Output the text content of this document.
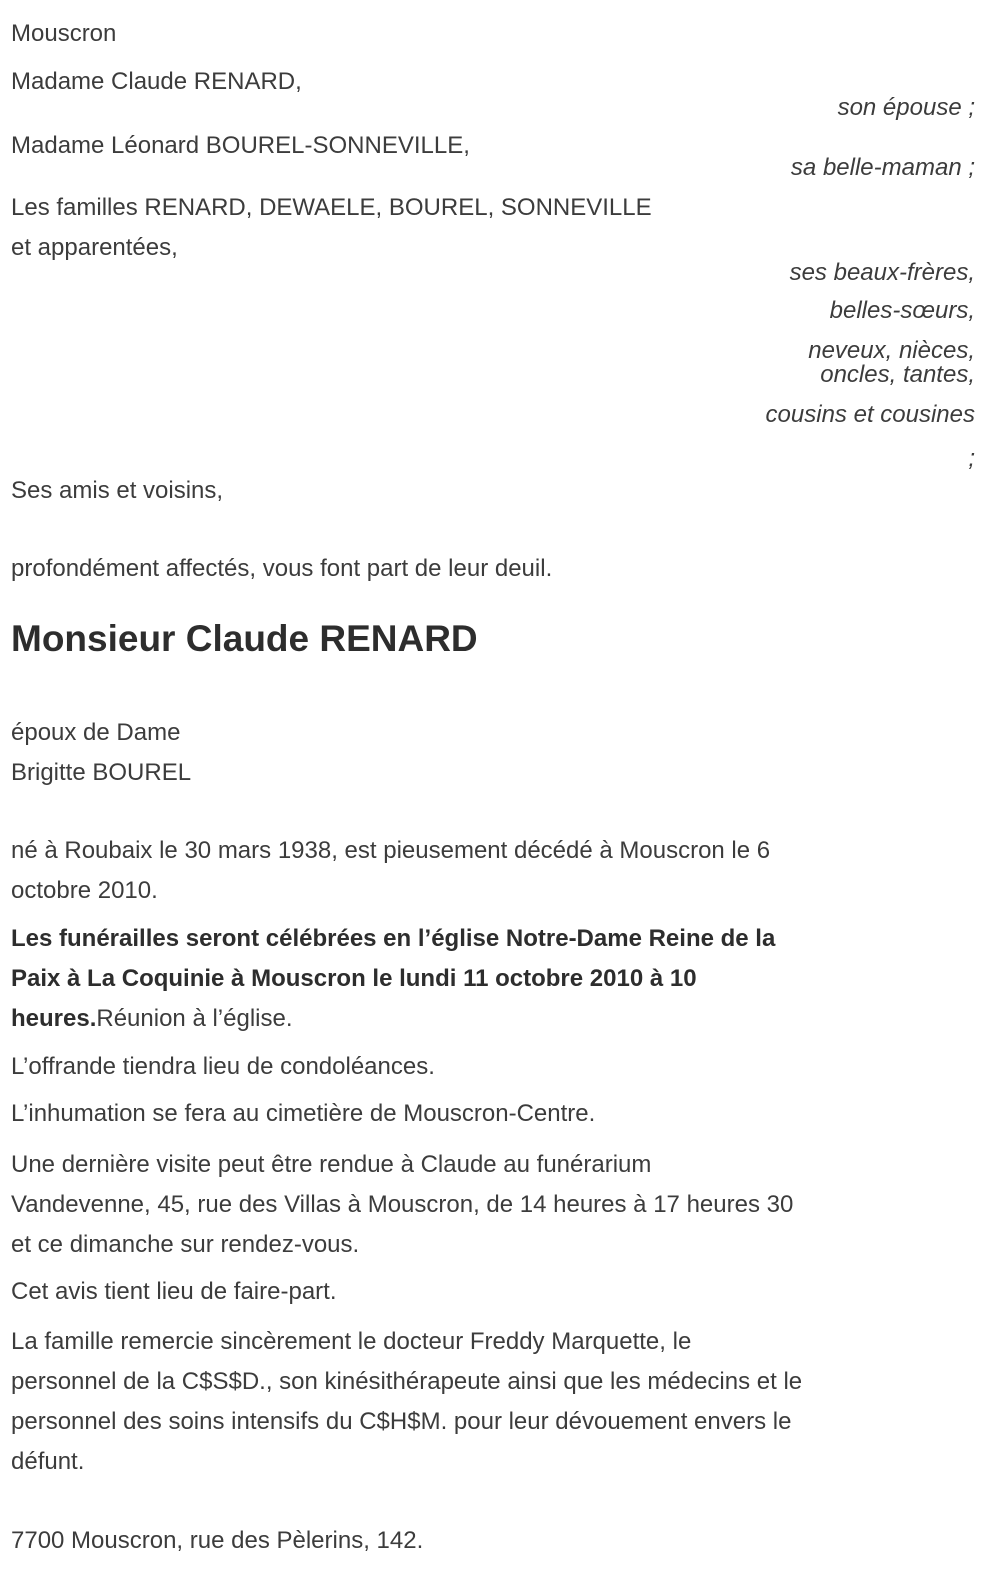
Mouscron
Madame Claude RENARD,
son épouse ;
Madame Léonard BOUREL-SONNEVILLE,
sa belle-maman ;
Les familles RENARD, DEWAELE, BOUREL, SONNEVILLE
et apparentées,
ses beaux-frères,
belles-sœurs,
neveux, nièces,
oncles, tantes,
cousins et cousines
;
Ses amis et voisins,
profondément affectés, vous font part de leur deuil.
Monsieur Claude RENARD
époux de Dame
Brigitte BOUREL
né à Roubaix le 30 mars 1938, est pieusement décédé à Mouscron le 6
octobre 2010.
Les funérailles seront célébrées en l’église Notre-Dame Reine de la
Paix à La Coquinie à Mouscron le lundi 11 octobre 2010 à 10
heures.Réunion à l’église.
L’offrande tiendra lieu de condoléances.
L’inhumation se fera au cimetière de Mouscron-Centre.
Une dernière visite peut être rendue à Claude au funérarium
Vandevenne, 45, rue des Villas à Mouscron, de 14 heures à 17 heures 30
et ce dimanche sur rendez-vous.
Cet avis tient lieu de faire-part.
La famille remercie sincèrement le docteur Freddy Marquette, le
personnel de la C$S$D., son kinésithérapeute ainsi que les médecins et le
personnel des soins intensifs du C$H$M. pour leur dévouement envers le
défunt.
7700 Mouscron, rue des Pèlerins, 142.
